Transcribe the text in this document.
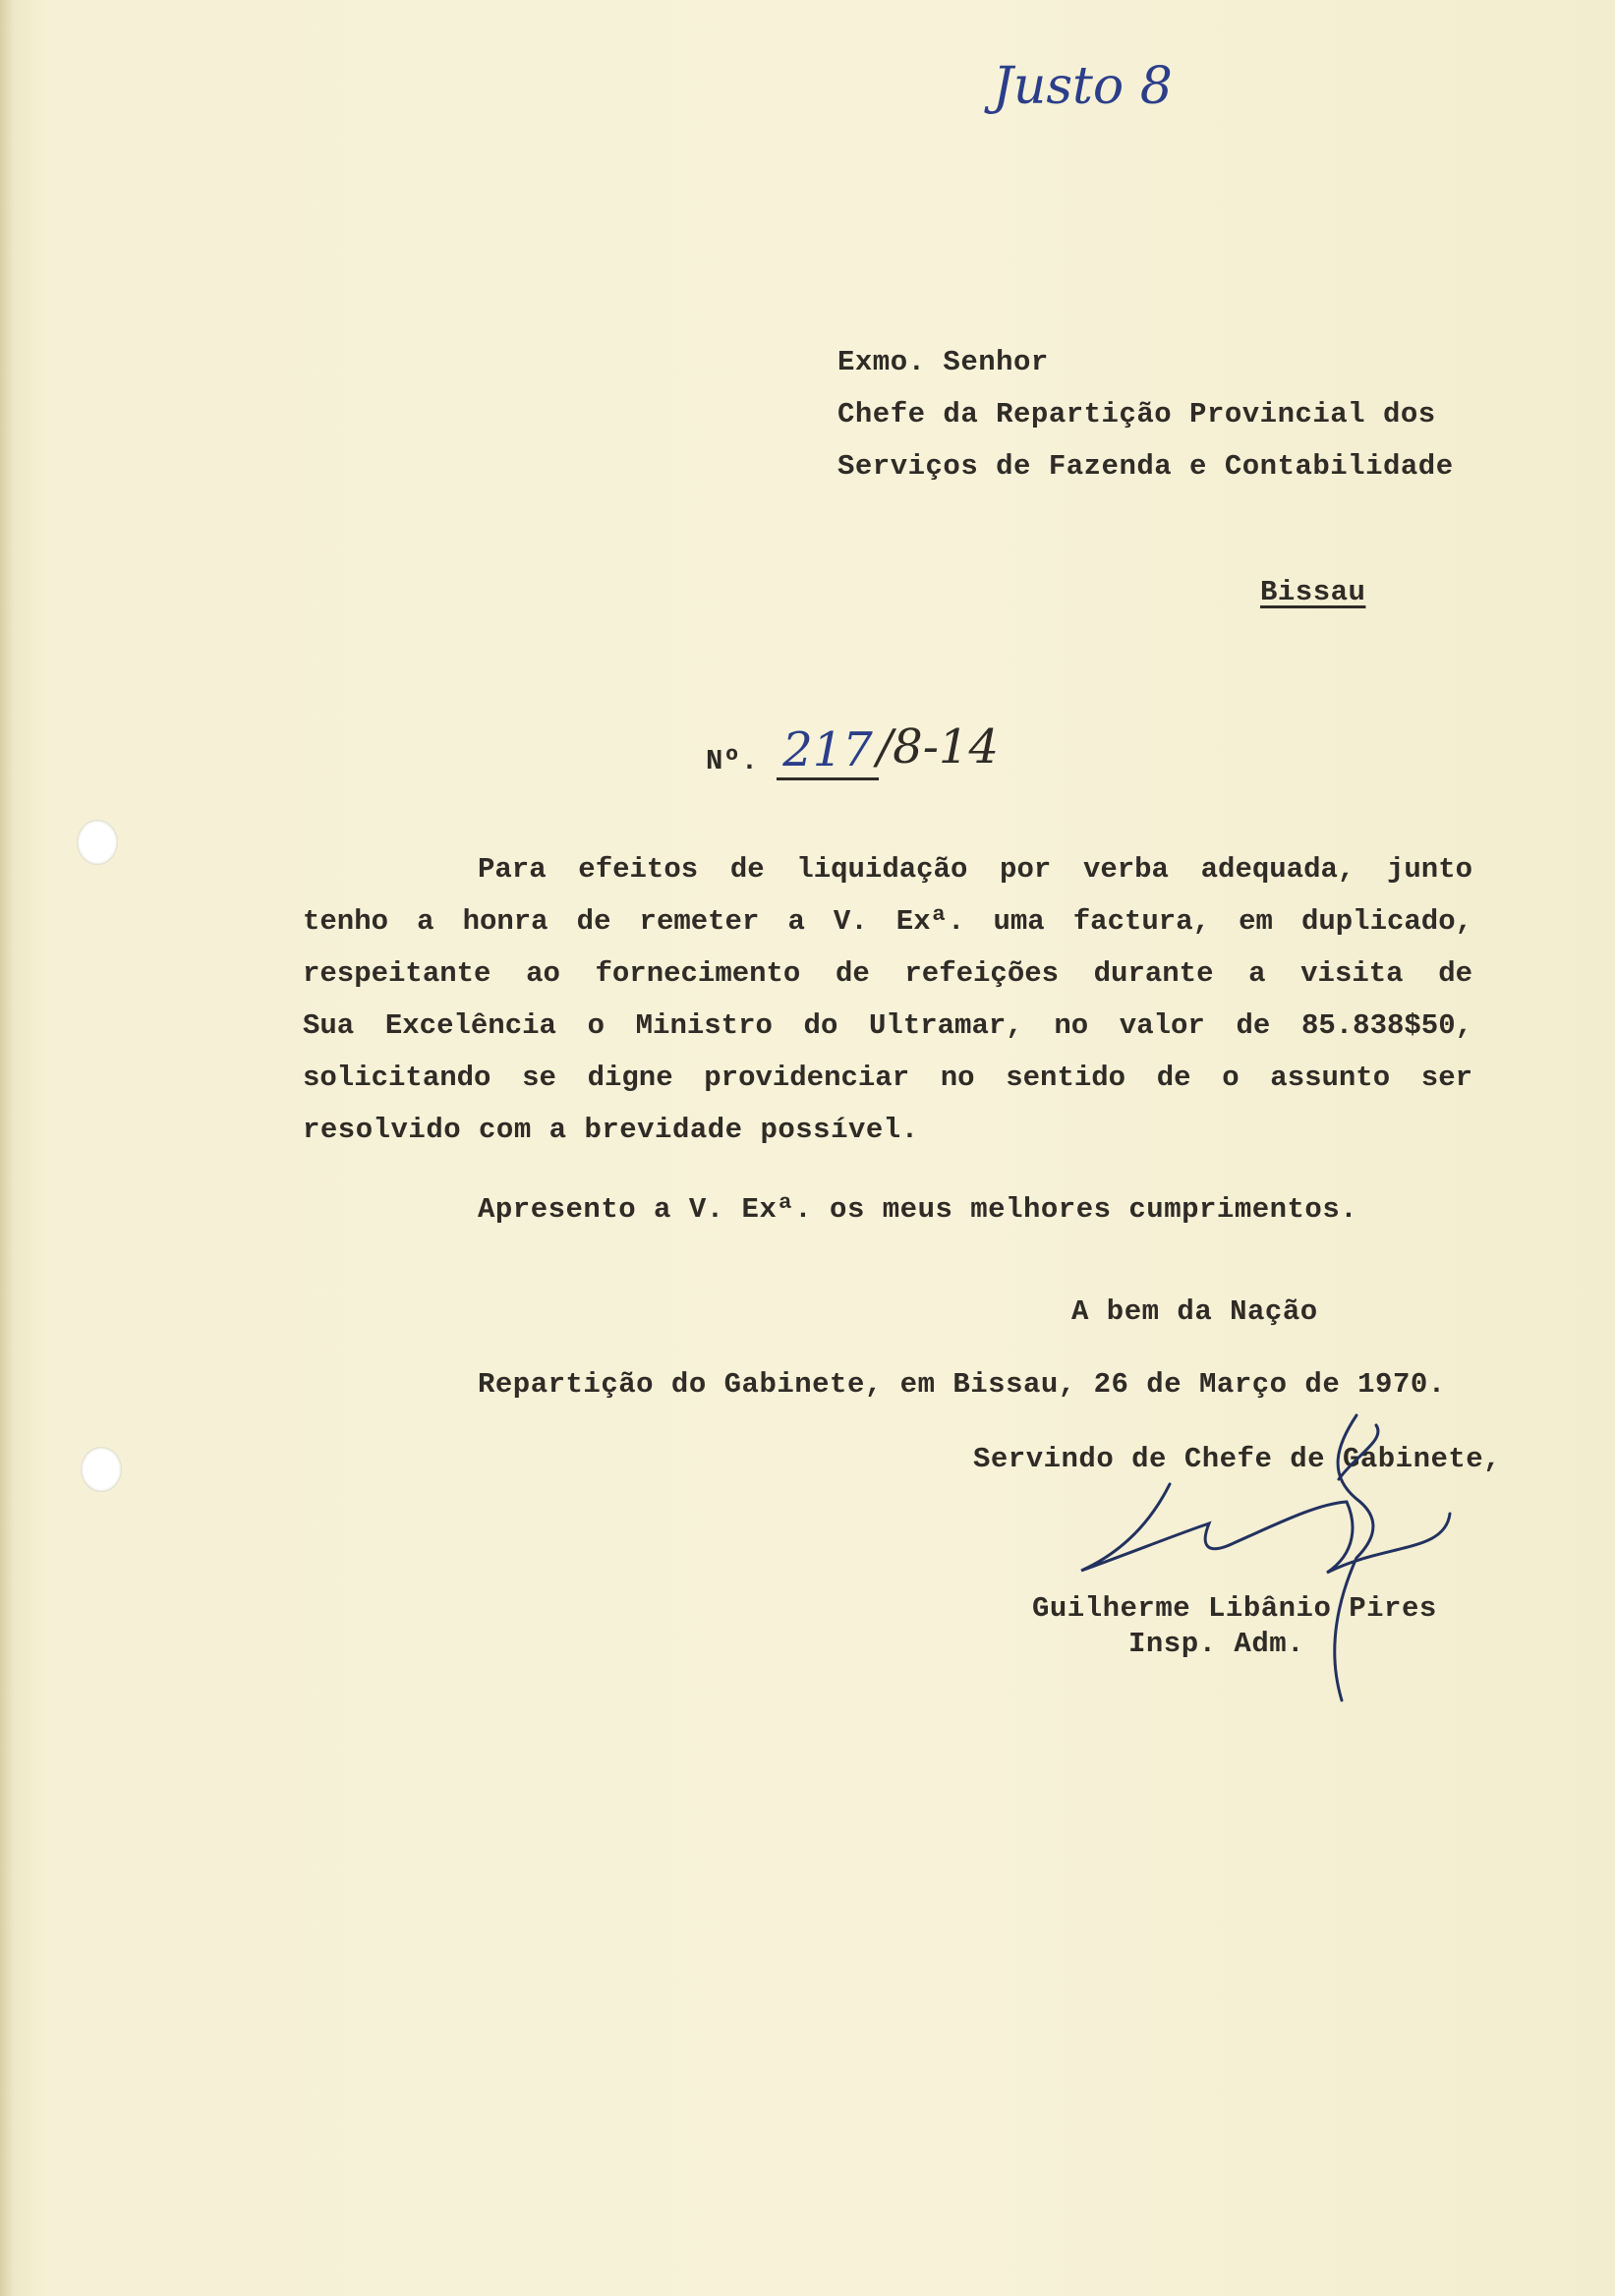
Justo 8
Exmo. Senhor
Chefe da Repartição Provincial dos
Serviços de Fazenda e Contabilidade
Bissau
Nº. 217 /8-14
Para efeitos de liquidação por verba adequada, junto
tenho a honra de remeter a V. Exª. uma factura, em duplicado,
respeitante ao fornecimento de refeições durante a visita de
Sua Excelência o Ministro do Ultramar, no valor de 85.838$50,
solicitando se digne providenciar no sentido de o assunto ser
resolvido com a brevidade possível.
Apresento a V. Exª. os meus melhores cumprimentos.
A bem da Nação
Repartição do Gabinete, em Bissau, 26 de Março de 1970.
Servindo de Chefe de Gabinete,
Guilherme Libânio Pires
Insp. Adm.
